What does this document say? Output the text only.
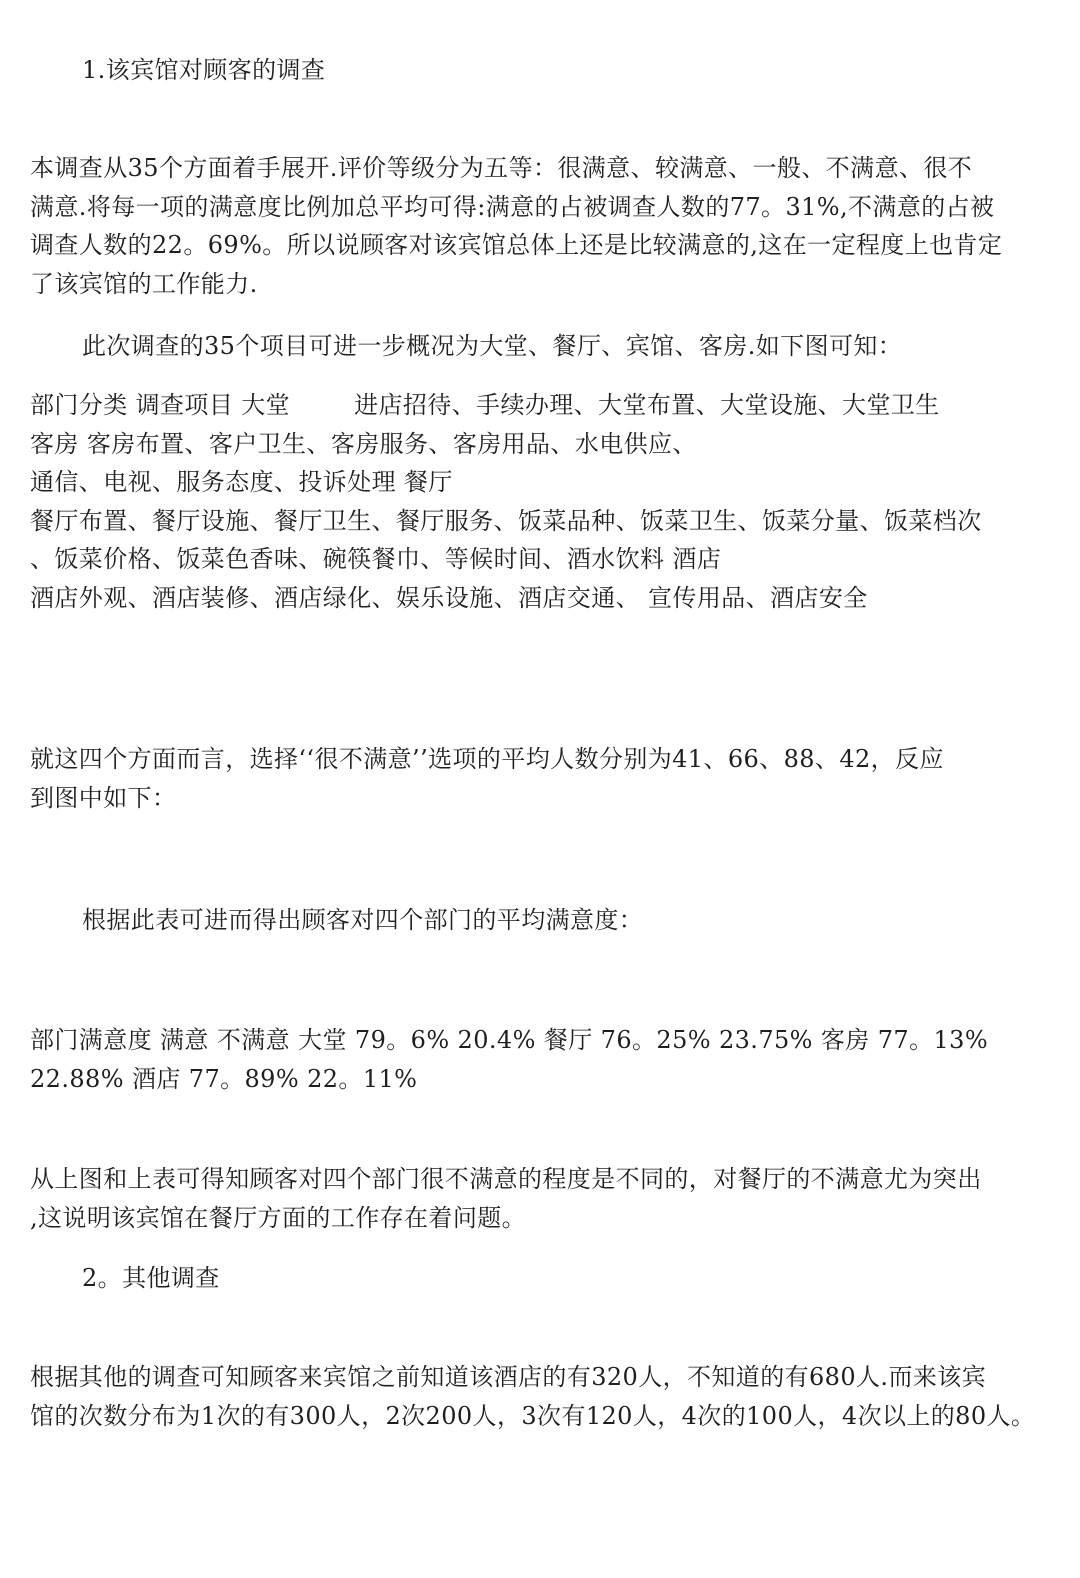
1.该宾馆对顾客的调查

本调查从35个方面着手展开.评价等级分为五等：很满意、较满意、一般、不满意、很不
满意.将每一项的满意度比例加总平均可得:满意的占被调查人数的77。31%,不满意的占被
调查人数的22。69%。所以说顾客对该宾馆总体上还是比较满意的,这在一定程度上也肯定
了该宾馆的工作能力.

此次调查的35个项目可进一步概况为大堂、餐厅、宾馆、客房.如下图可知：

部门分类 调查项目 大堂	进店招待、手续办理、大堂布置、大堂设施、大堂卫生
客房 客房布置、客户卫生、客房服务、客房用品、水电供应、
通信、电视、服务态度、投诉处理 餐厅
餐厅布置、餐厅设施、餐厅卫生、餐厅服务、饭菜品种、饭菜卫生、饭菜分量、饭菜档次
、饭菜价格、饭菜色香味、碗筷餐巾、等候时间、酒水饮料 酒店
酒店外观、酒店装修、酒店绿化、娱乐设施、酒店交通、 宣传用品、酒店安全

就这四个方面而言，选择‘‘很不满意’’选项的平均人数分别为41、66、88、42，反应
到图中如下：

根据此表可进而得出顾客对四个部门的平均满意度：

部门满意度 满意 不满意 大堂 79。6% 20.4% 餐厅 76。25% 23.75% 客房 77。13%
22.88% 酒店 77。89% 22。11%

从上图和上表可得知顾客对四个部门很不满意的程度是不同的，对餐厅的不满意尤为突出
,这说明该宾馆在餐厅方面的工作存在着问题。

2。其他调查

根据其他的调查可知顾客来宾馆之前知道该酒店的有320人，不知道的有680人.而来该宾
馆的次数分布为1次的有300人，2次200人，3次有120人，4次的100人，4次以上的80人。
